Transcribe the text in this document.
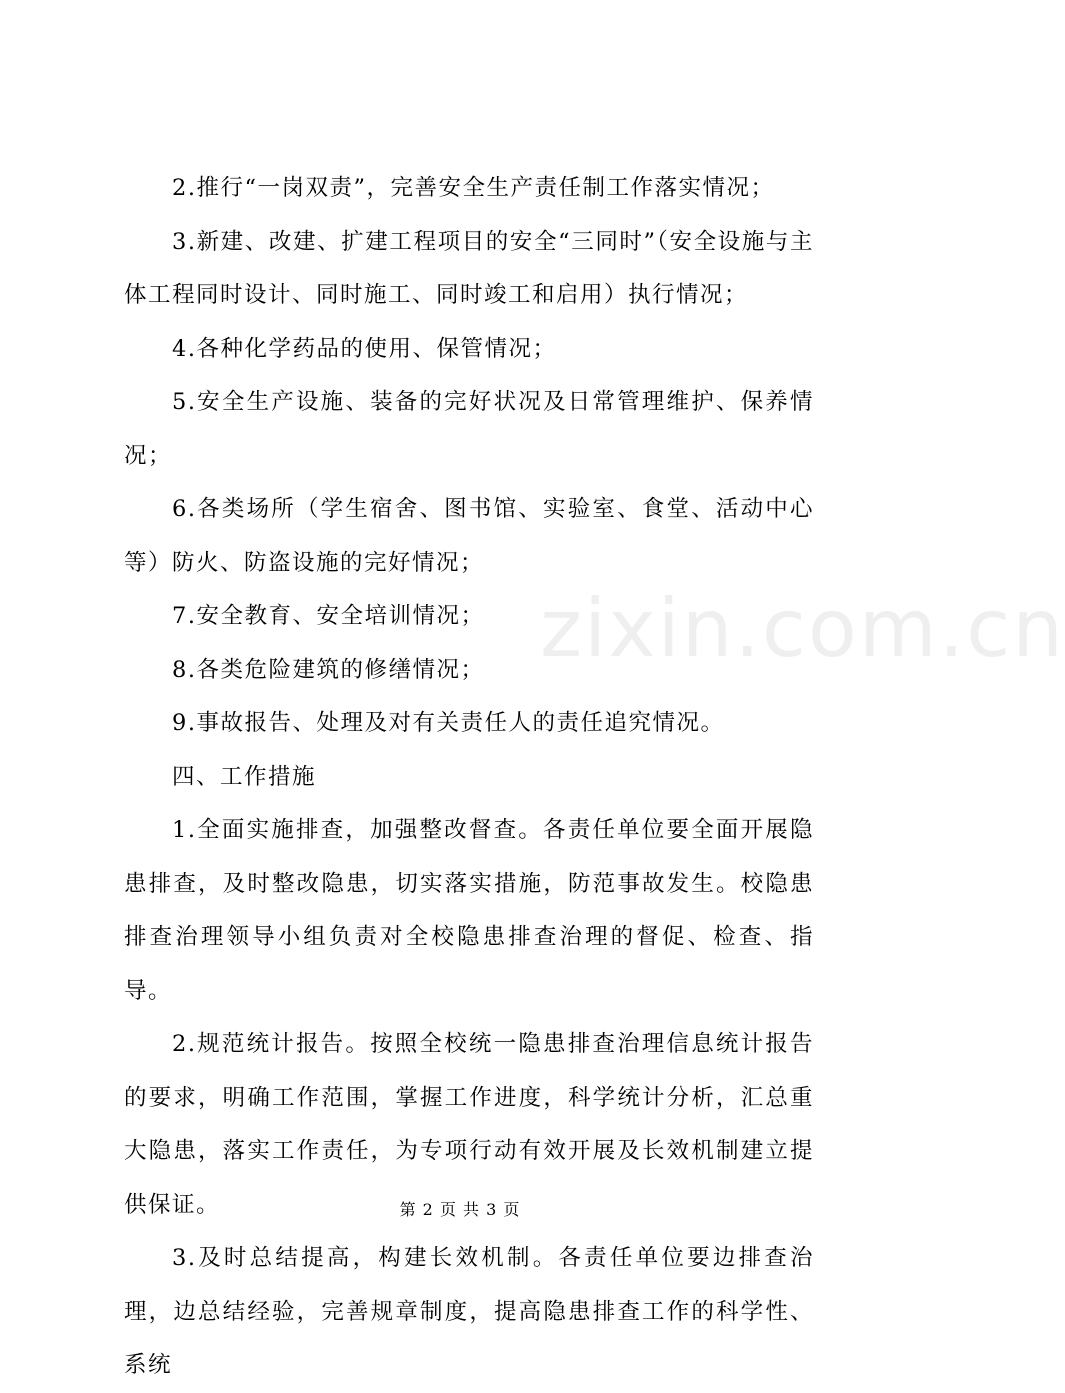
zixin.com.cn

2.推行“一岗双责”，完善安全生产责任制工作落实情况；

3.新建、改建、扩建工程项目的安全“三同时”（安全设施与主体工程同时设计、同时施工、同时竣工和启用）执行情况；

4.各种化学药品的使用、保管情况；

5.安全生产设施、装备的完好状况及日常管理维护、保养情况；

6.各类场所（学生宿舍、图书馆、实验室、食堂、活动中心等）防火、防盗设施的完好情况；

7.安全教育、安全培训情况；

8.各类危险建筑的修缮情况；

9.事故报告、处理及对有关责任人的责任追究情况。

四、工作措施

1.全面实施排查，加强整改督查。各责任单位要全面开展隐患排查，及时整改隐患，切实落实措施，防范事故发生。校隐患排查治理领导小组负责对全校隐患排查治理的督促、检查、指导。

2.规范统计报告。按照全校统一隐患排查治理信息统计报告的要求，明确工作范围，掌握工作进度，科学统计分析，汇总重大隐患，落实工作责任，为专项行动有效开展及长效机制建立提供保证。

3.及时总结提高，构建长效机制。各责任单位要边排查治理，边总结经验，完善规章制度，提高隐患排查工作的科学性、系统

第 2 页 共 3 页
